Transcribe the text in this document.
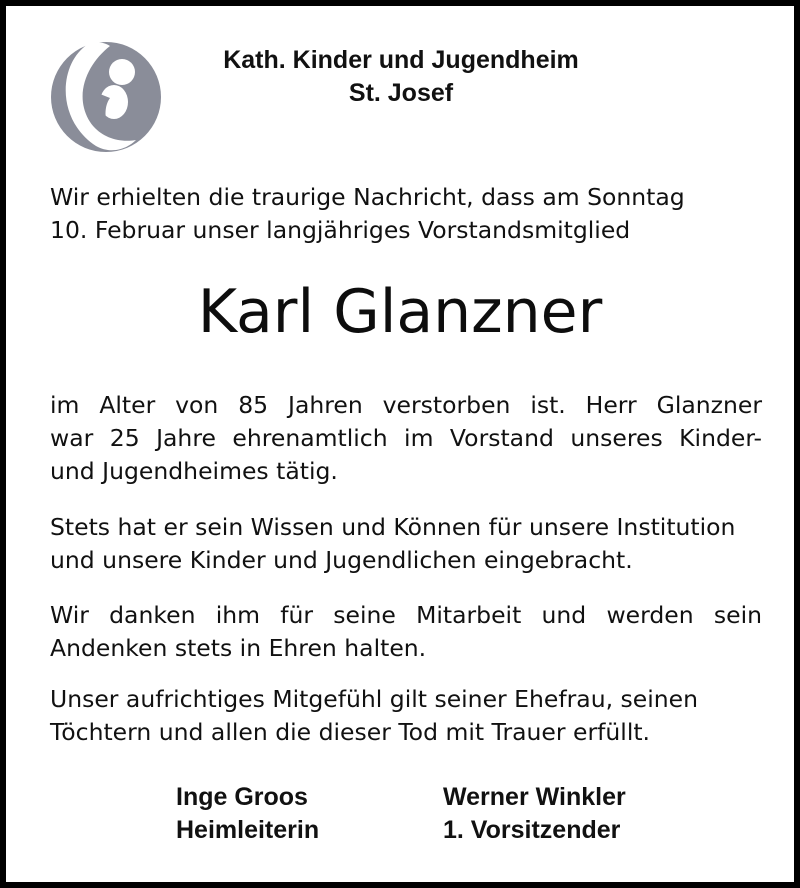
Kath. Kinder und Jugendheim
St. Josef
Wir erhielten die traurige Nachricht, dass am Sonntag
10. Februar unser langjähriges Vorstandsmitglied
Karl Glanzner
im Alter von 85 Jahren verstorben ist. Herr Glanzner
war 25 Jahre ehrenamtlich im Vorstand unseres Kinder-
und Jugendheimes tätig.
Stets hat er sein Wissen und Können für unsere Institution
und unsere Kinder und Jugendlichen eingebracht.
Wir danken ihm für seine Mitarbeit und werden sein
Andenken stets in Ehren halten.
Unser aufrichtiges Mitgefühl gilt seiner Ehefrau, seinen
Töchtern und allen die dieser Tod mit Trauer erfüllt.
Inge Groos
Heimleiterin
Werner Winkler
1. Vorsitzender
